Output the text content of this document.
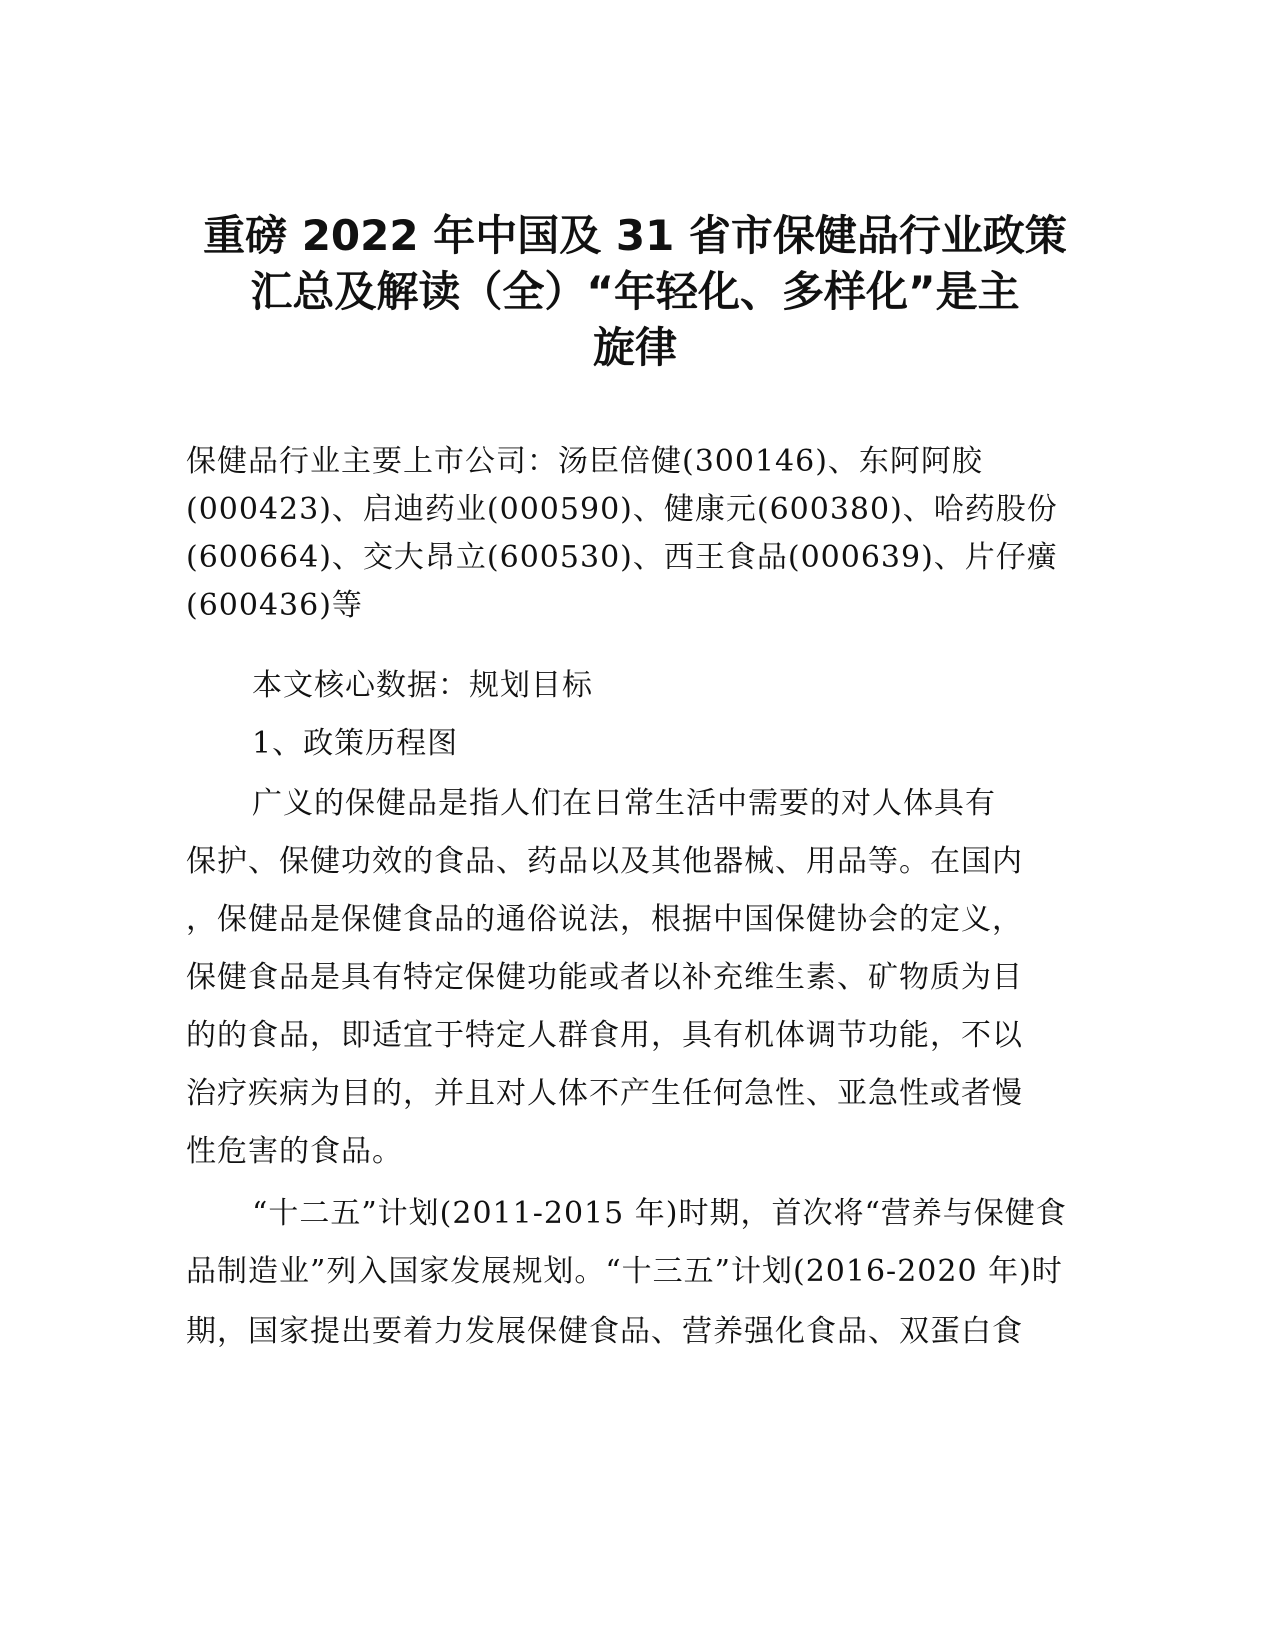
重磅 2022 年中国及 31 省市保健品行业政策
汇总及解读（全）“年轻化、多样化”是主
旋律
保健品行业主要上市公司：汤臣倍健(300146)、东阿阿胶
(000423)、启迪药业(000590)、健康元(600380)、哈药股份
(600664)、交大昂立(600530)、西王食品(000639)、片仔癀
(600436)等
本文核心数据：规划目标
1、政策历程图
广义的保健品是指人们在日常生活中需要的对人体具有
保护、保健功效的食品、药品以及其他器械、用品等。在国内
，保健品是保健食品的通俗说法，根据中国保健协会的定义，
保健食品是具有特定保健功能或者以补充维生素、矿物质为目
的的食品，即适宜于特定人群食用，具有机体调节功能，不以
治疗疾病为目的，并且对人体不产生任何急性、亚急性或者慢
性危害的食品。
“十二五”计划(2011-2015 年)时期，首次将“营养与保健食
品制造业”列入国家发展规划。“十三五”计划(2016-2020 年)时
期，国家提出要着力发展保健食品、营养强化食品、双蛋白食
